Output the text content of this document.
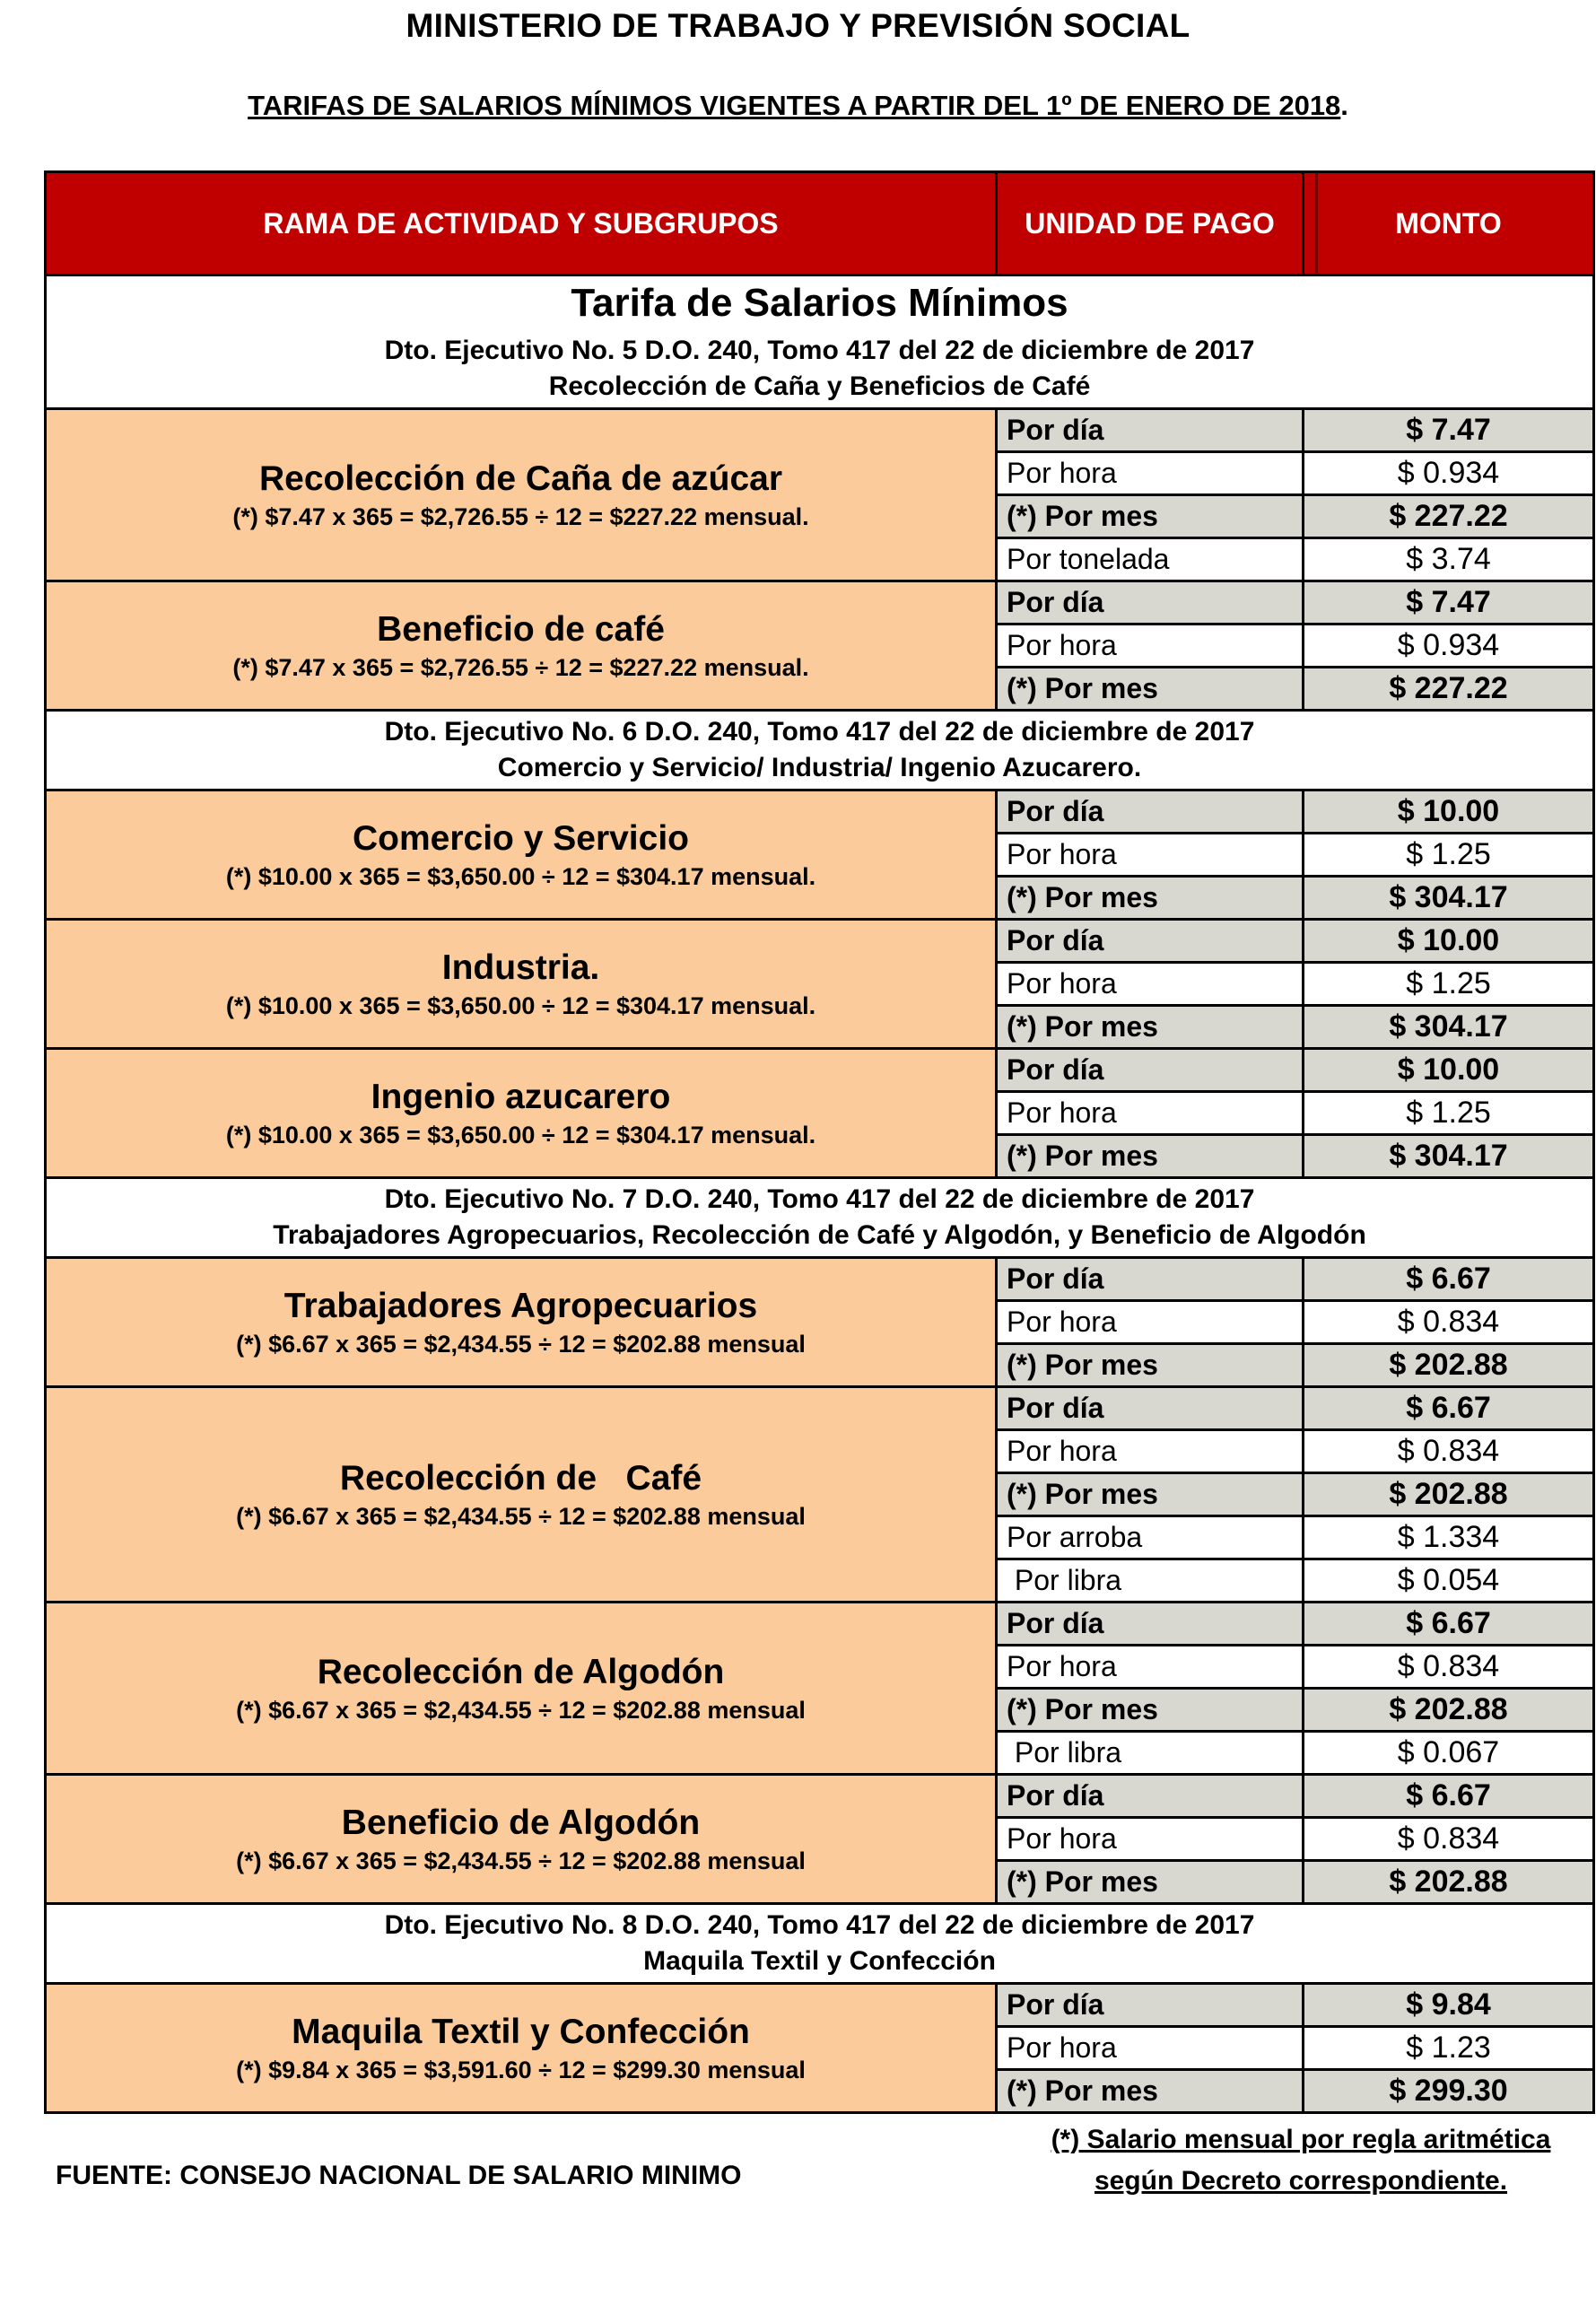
MINISTERIO DE TRABAJO Y PREVISIÓN SOCIAL
TARIFAS DE SALARIOS MÍNIMOS VIGENTES A PARTIR DEL 1º DE ENERO DE 2018.
RAMA DE ACTIVIDAD Y SUBGRUPOS	UNIDAD DE PAGO	MONTO
Tarifa de Salarios Mínimos		

Dto. Ejecutivo No. 5 D.O. 240, Tomo 417 del 22 de diciembre de 2017
Recolección de Caña y Beneficios de Café		

Recolección de Caña de azúcar
(*) $7.47 x 365 = $2,726.55 ÷ 12 = $227.22 mensual.	Por día	$ 7.47
	Por hora	$ 0.934
	(*) Por mes	$ 227.22
	Por tonelada	$ 3.74

Beneficio de café
(*) $7.47 x 365 = $2,726.55 ÷ 12 = $227.22 mensual.	Por día	$ 7.47
	Por hora	$ 0.934
	(*) Por mes	$ 227.22

Dto. Ejecutivo No. 6 D.O. 240, Tomo 417 del 22 de diciembre de 2017
Comercio y Servicio/ Industria/ Ingenio Azucarero.		

Comercio y Servicio
(*) $10.00 x 365 = $3,650.00 ÷ 12 = $304.17 mensual.	Por día	$ 10.00
	Por hora	$ 1.25
	(*) Por mes	$ 304.17

Industria.
(*) $10.00 x 365 = $3,650.00 ÷ 12 = $304.17 mensual.	Por día	$ 10.00
	Por hora	$ 1.25
	(*) Por mes	$ 304.17

Ingenio azucarero
(*) $10.00 x 365 = $3,650.00 ÷ 12 = $304.17 mensual.	Por día	$ 10.00
	Por hora	$ 1.25
	(*) Por mes	$ 304.17

Dto. Ejecutivo No. 7 D.O. 240, Tomo 417 del 22 de diciembre de 2017
Trabajadores Agropecuarios, Recolección de Café y Algodón, y Beneficio de Algodón		

Trabajadores Agropecuarios
(*) $6.67 x 365 = $2,434.55 ÷ 12 = $202.88 mensual	Por día	$ 6.67
	Por hora	$ 0.834
	(*) Por mes	$ 202.88

Recolección de   Café
(*) $6.67 x 365 = $2,434.55 ÷ 12 = $202.88 mensual	Por día	$ 6.67
	Por hora	$ 0.834
	(*) Por mes	$ 202.88
	Por arroba	$ 1.334
	Por libra	$ 0.054

Recolección de Algodón
(*) $6.67 x 365 = $2,434.55 ÷ 12 = $202.88 mensual	Por día	$ 6.67
	Por hora	$ 0.834
	(*) Por mes	$ 202.88
	Por libra	$ 0.067

Beneficio de Algodón
(*) $6.67 x 365 = $2,434.55 ÷ 12 = $202.88 mensual	Por día	$ 6.67
	Por hora	$ 0.834
	(*) Por mes	$ 202.88

Dto. Ejecutivo No. 8 D.O. 240, Tomo 417 del 22 de diciembre de 2017
Maquila Textil y Confección		

Maquila Textil y Confección
(*) $9.84 x 365 = $3,591.60 ÷ 12 = $299.30 mensual	Por día	$ 9.84
	Por hora	$ 1.23
	(*) Por mes	$ 299.30
FUENTE: CONSEJO NACIONAL DE SALARIO MINIMO
(*) Salario mensual por regla aritmética
según Decreto correspondiente.
